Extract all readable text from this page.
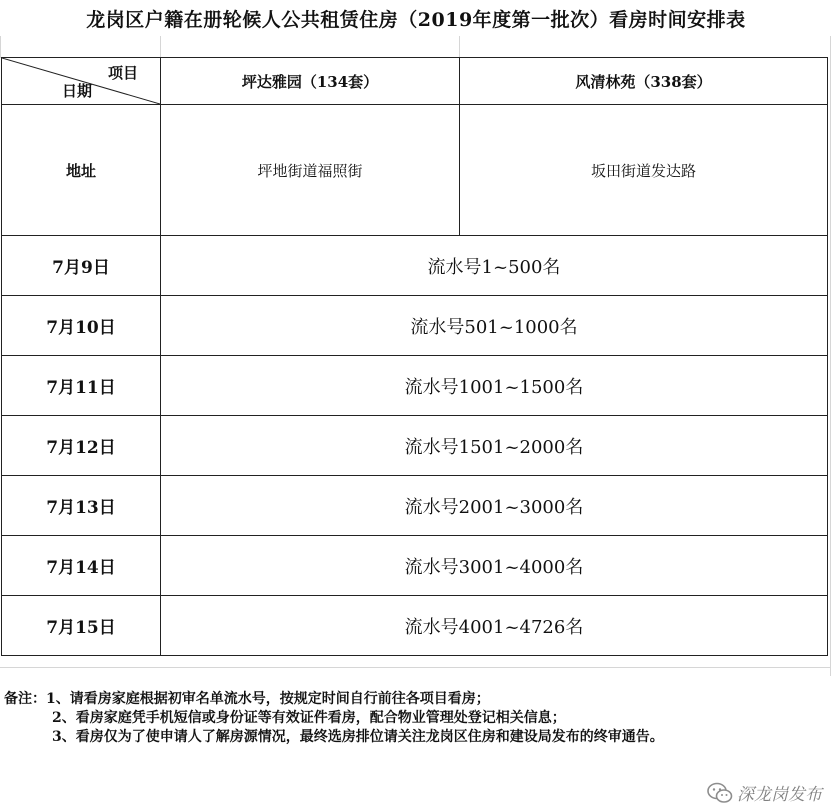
龙岗区户籍在册轮候人公共租赁住房（2019年度第一批次）看房时间安排表
项目
日期	坪达雅园（134套）	风清林苑（338套）
地址	坪地街道福照街	坂田街道发达路
7月9日	流水号1~500名	
7月10日	流水号501~1000名	
7月11日	流水号1001~1500名	
7月12日	流水号1501~2000名	
7月13日	流水号2001~3000名	
7月14日	流水号3001~4000名	
7月15日	流水号4001~4726名	
备注：1、请看房家庭根据初审名单流水号，按规定时间自行前往各项目看房；
2、看房家庭凭手机短信或身份证等有效证件看房，配合物业管理处登记相关信息；
3、看房仅为了使申请人了解房源情况，最终选房排位请关注龙岗区住房和建设局发布的终审通告。
深龙岗发布
